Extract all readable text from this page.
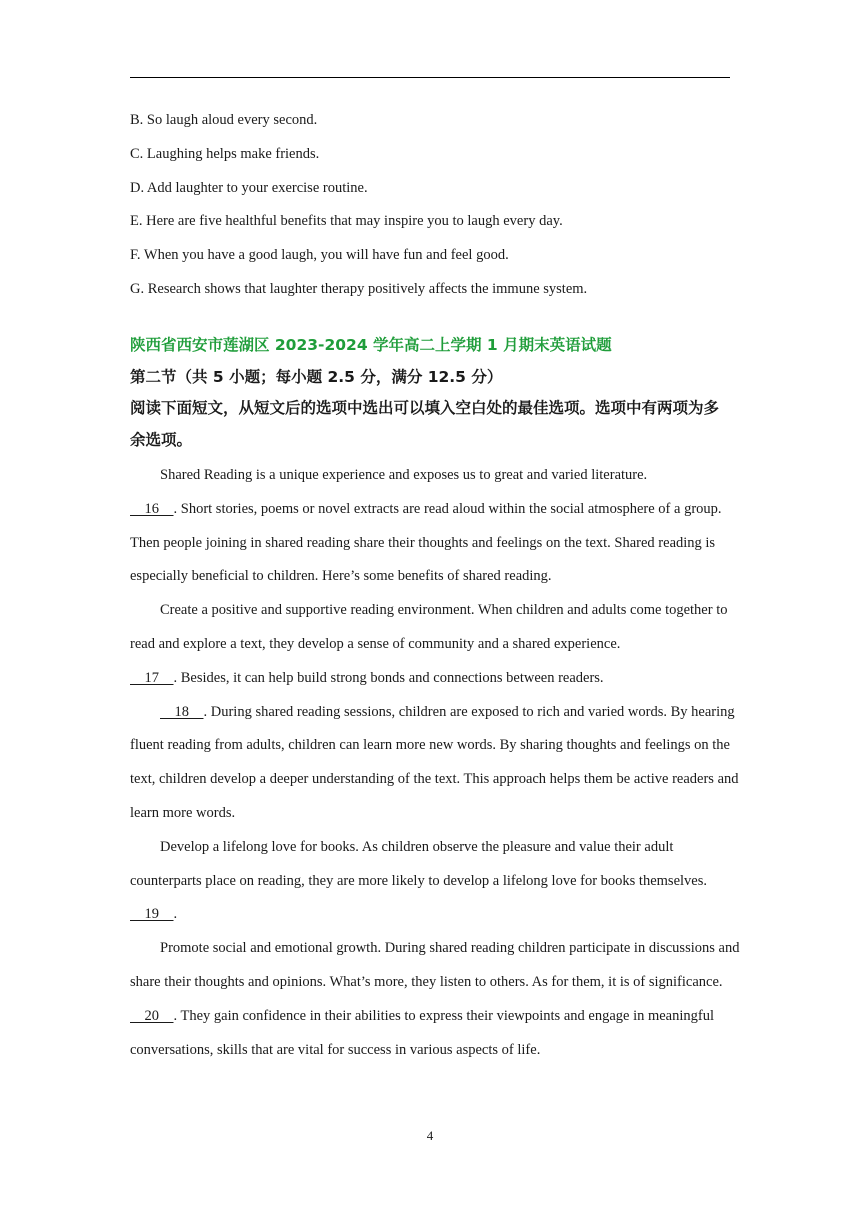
B. So laugh aloud every second.
C. Laughing helps make friends.
D. Add laughter to your exercise routine.
E. Here are five healthful benefits that may inspire you to laugh every day.
F. When you have a good laugh, you will have fun and feel good.
G. Research shows that laughter therapy positively affects the immune system.
陕西省西安市莲湖区 2023-2024 学年高二上学期 1 月期末英语试题
第二节（共 5 小题；每小题 2.5 分，满分 12.5 分）
阅读下面短文，从短文后的选项中选出可以填入空白处的最佳选项。选项中有两项为多余选项。

Shared Reading is a unique experience and exposes us to great and varied literature.
16    . Short stories, poems or novel extracts are read aloud within the social atmosphere of a group. Then people joining in shared reading share their thoughts and feelings on the text. Shared reading is especially beneficial to children. Here’s some benefits of shared reading.

Create a positive and supportive reading environment. When children and adults come together to read and explore a text, they develop a sense of community and a shared experience.
17    . Besides, it can help build strong bonds and connections between readers.

18    . During shared reading sessions, children are exposed to rich and varied words. By hearing fluent reading from adults, children can learn more new words. By sharing thoughts and feelings on the text, children develop a deeper understanding of the text. This approach helps them be active readers and learn more words.

Develop a lifelong love for books. As children observe the pleasure and value their adult counterparts place on reading, they are more likely to develop a lifelong love for books themselves.
19    .

Promote social and emotional growth. During shared reading children participate in discussions and share their thoughts and opinions. What’s more, they listen to others. As for them, it is of significance.     20    . They gain confidence in their abilities to express their viewpoints and engage in meaningful conversations, skills that are vital for success in various aspects of life.

4
